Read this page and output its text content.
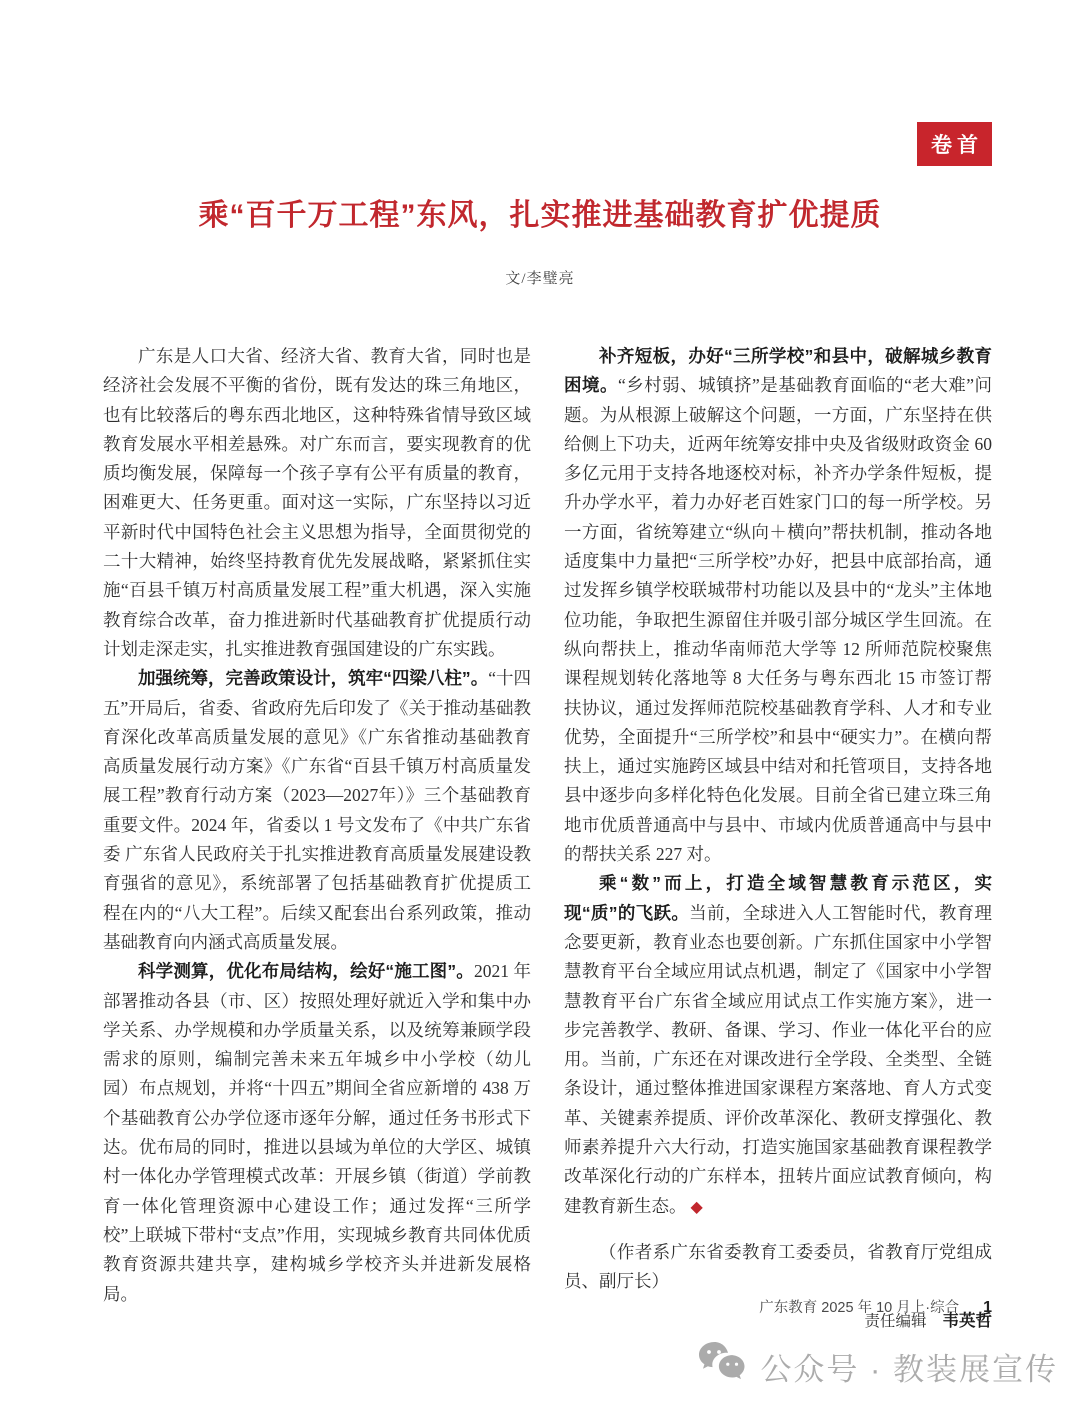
卷首
乘“百千万工程”东风，扎实推进基础教育扩优提质
文/李璧亮

广东是人口大省、经济大省、教育大省，同时也是经济社会发展不平衡的省份，既有发达的珠三角地区，也有比较落后的粤东西北地区，这种特殊省情导致区域教育发展水平相差悬殊。对广东而言，要实现教育的优质均衡发展，保障每一个孩子享有公平有质量的教育，困难更大、任务更重。面对这一实际，广东坚持以习近平新时代中国特色社会主义思想为指导，全面贯彻党的二十大精神，始终坚持教育优先发展战略，紧紧抓住实施“百县千镇万村高质量发展工程”重大机遇，深入实施教育综合改革，奋力推进新时代基础教育扩优提质行动计划走深走实，扎实推进教育强国建设的广东实践。

加强统筹，完善政策设计，筑牢“四梁八柱”。“十四五”开局后，省委、省政府先后印发了《关于推动基础教育深化改革高质量发展的意见》《广东省推动基础教育高质量发展行动方案》《广东省“百县千镇万村高质量发展工程”教育行动方案（2023—2027年）》三个基础教育重要文件。2024 年，省委以 1 号文发布了《中共广东省委 广东省人民政府关于扎实推进教育高质量发展建设教育强省的意见》，系统部署了包括基础教育扩优提质工程在内的“八大工程”。后续又配套出台系列政策，推动基础教育向内涵式高质量发展。

科学测算，优化布局结构，绘好“施工图”。2021 年部署推动各县（市、区）按照处理好就近入学和集中办学关系、办学规模和办学质量关系，以及统筹兼顾学段需求的原则，编制完善未来五年城乡中小学校（幼儿园）布点规划，并将“十四五”期间全省应新增的 438 万个基础教育公办学位逐市逐年分解，通过任务书形式下达。优布局的同时，推进以县域为单位的大学区、城镇村一体化办学管理模式改革：开展乡镇（街道）学前教育一体化管理资源中心建设工作；通过发挥“三所学校”上联城下带村“支点”作用，实现城乡教育共同体优质教育资源共建共享，建构城乡学校齐头并进新发展格局。

补齐短板，办好“三所学校”和县中，破解城乡教育困境。“乡村弱、城镇挤”是基础教育面临的“老大难”问题。为从根源上破解这个问题，一方面，广东坚持在供给侧上下功夫，近两年统筹安排中央及省级财政资金 60 多亿元用于支持各地逐校对标，补齐办学条件短板，提升办学水平，着力办好老百姓家门口的每一所学校。另一方面，省统筹建立“纵向＋横向”帮扶机制，推动各地适度集中力量把“三所学校”办好，把县中底部抬高，通过发挥乡镇学校联城带村功能以及县中的“龙头”主体地位功能，争取把生源留住并吸引部分城区学生回流。在纵向帮扶上，推动华南师范大学等 12 所师范院校聚焦课程规划转化落地等 8 大任务与粤东西北 15 市签订帮扶协议，通过发挥师范院校基础教育学科、人才和专业优势，全面提升“三所学校”和县中“硬实力”。在横向帮扶上，通过实施跨区域县中结对和托管项目，支持各地县中逐步向多样化特色化发展。目前全省已建立珠三角地市优质普通高中与县中、市域内优质普通高中与县中的帮扶关系 227 对。

乘“数”而上，打造全域智慧教育示范区，实现“质”的飞跃。当前，全球进入人工智能时代，教育理念要更新，教育业态也要创新。广东抓住国家中小学智慧教育平台全域应用试点机遇，制定了《国家中小学智慧教育平台广东省全域应用试点工作实施方案》，进一步完善教学、教研、备课、学习、作业一体化平台的应用。当前，广东还在对课改进行全学段、全类型、全链条设计，通过整体推进国家课程方案落地、育人方式变革、关键素养提质、评价改革深化、教研支撑强化、教师素养提升六大行动，打造实施国家基础教育课程教学改革深化行动的广东样本，扭转片面应试教育倾向，构建教育新生态。 ◆

（作者系广东省委教育工委委员，省教育厅党组成员、副厅长）

责任编辑 韦英哲
广东教育 2025 年 10 月上·综合 1
公众号 · 教装展宣传
